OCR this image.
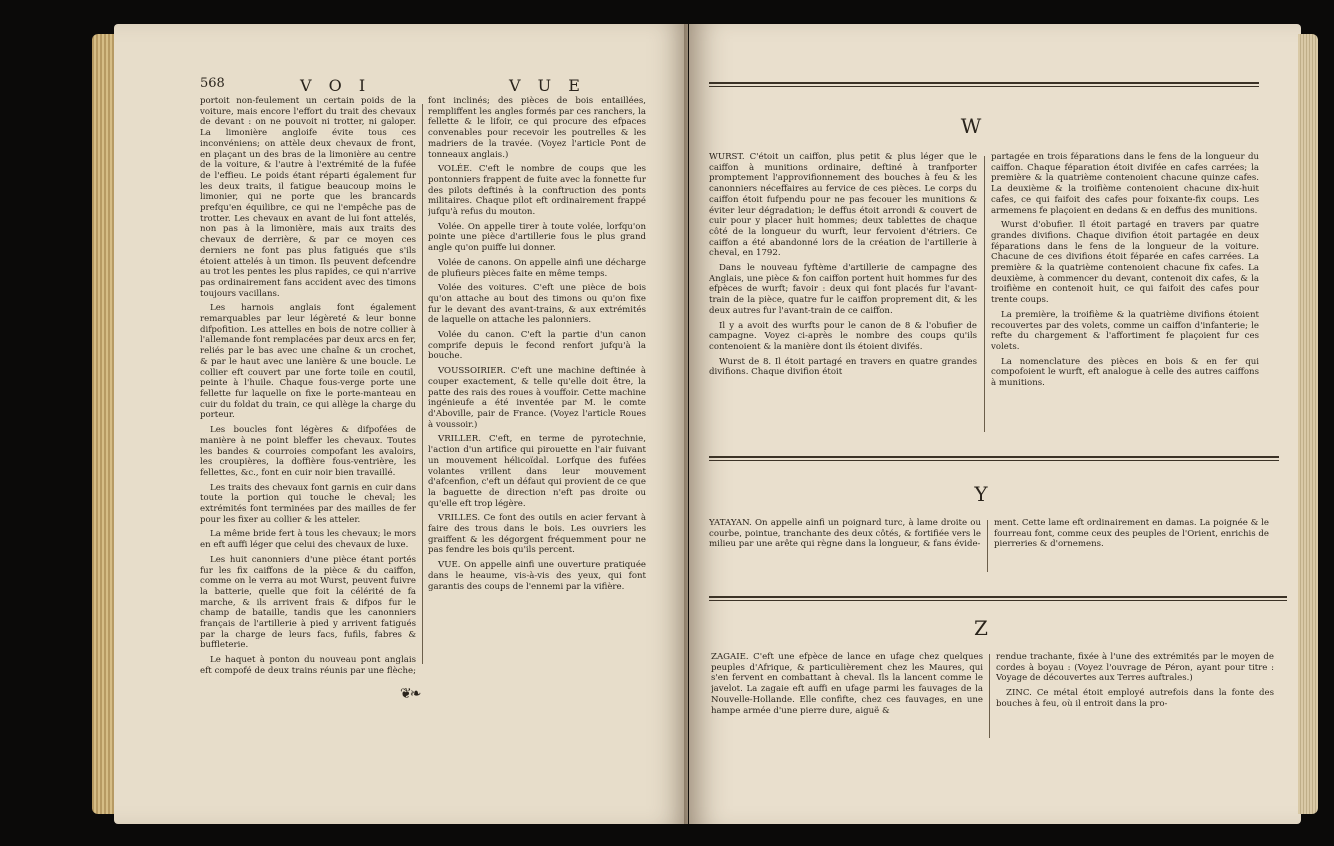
568	V O I	V U E

portoit non-feulement un certain poids de la voiture, mais encore l'effort du trait des chevaux de devant : on ne pouvoit ni trotter, ni galoper. La limonière angloife évite tous ces inconvéniens; on attèle deux chevaux de front, en plaçant un des bras de la limonière au centre de la voiture, & l'autre à l'extrémité de la fufée de l'effieu. Le poids étant réparti également fur les deux traits, il fatigue beaucoup moins le limonier, qui ne porte que les brancards prefqu'en équilibre, ce qui ne l'empêche pas de trotter. Les chevaux en avant de lui font attelés, non pas à la limonière, mais aux traits des chevaux de derrière, & par ce moyen ces derniers ne font pas plus fatigués que s'ils étoient attelés à un timon. Ils peuvent defcendre au trot les pentes les plus rapides, ce qui n'arrive pas ordinairement fans accident avec des timons toujours vacillans.

Les harnois anglais font également remarquables par leur légèreté & leur bonne difpofition. Les attelles en bois de notre collier à l'allemande font remplacées par deux arcs en fer, reliés par le bas avec une chaîne & un crochet, & par le haut avec une lanière & une boucle. Le collier eft couvert par une forte toile en coutil, peinte à l'huile. Chaque fous-verge porte une fellette fur laquelle on fixe le porte-manteau en cuir du foldat du train, ce qui allège la charge du porteur.

Les boucles font légères & difpofées de manière à ne point bleffer les chevaux. Toutes les bandes & courroies compofant les avaloirs, les croupières, la doffière fous-ventrière, les fellettes, &c., font en cuir noir bien travaillé.

Les traits des chevaux font garnis en cuir dans toute la portion qui touche le cheval; les extrémités font terminées par des mailles de fer pour les fixer au collier & les atteler.

La même bride fert à tous les chevaux; le mors en eft auffi léger que celui des chevaux de luxe.

Les huit canonniers d'une pièce étant portés fur les fix caiffons de la pièce & du caiffon, comme on le verra au mot Wurst, peuvent fuivre la batterie, quelle que foit la célérité de fa marche, & ils arrivent frais & difpos fur le champ de bataille, tandis que les canonniers français de l'artillerie à pied y arrivent fatigués par la charge de leurs facs, fufils, fabres & buffleterie.

Le haquet à ponton du nouveau pont anglais eft compofé de deux trains réunis par une flèche;

font inclinés; des pièces de bois entaillées, rempliffent les angles formés par ces ranchers, la fellette & le lifoir, ce qui procure des efpaces convenables pour recevoir les poutrelles & les madriers de la travée. (Voyez l'article Pont de tonneaux anglais.)

VOLÉE. C'eft le nombre de coups que les pontonniers frappent de fuite avec la fonnette fur des pilots deftinés à la conftruction des ponts militaires. Chaque pilot eft ordinairement frappé jufqu'à refus du mouton.

Volée. On appelle tirer à toute volée, lorfqu'on pointe une pièce d'artillerie fous le plus grand angle qu'on puiffe lui donner.

Volée de canons. On appelle ainfi une décharge de plufieurs pièces faite en même temps.

Volée des voitures. C'eft une pièce de bois qu'on attache au bout des timons ou qu'on fixe fur le devant des avant-trains, & aux extrémités de laquelle on attache les palonniers.

Volée du canon. C'eft la partie d'un canon comprife depuis le fecond renfort jufqu'à la bouche.

VOUSSOIRIER. C'eft une machine deftinée à couper exactement, & telle qu'elle doit être, la patte des rais des roues à vouffoir. Cette machine ingénieufe a été inventée par M. le comte d'Aboville, pair de France. (Voyez l'article Roues à voussoir.)

VRILLER. C'eft, en terme de pyrotechnie, l'action d'un artifice qui pirouette en l'air fuivant un mouvement hélicoïdal. Lorfque des fufées volantes vrillent dans leur mouvement d'afcenfion, c'eft un défaut qui provient de ce que la baguette de direction n'eft pas droite ou qu'elle eft trop légère.

VRILLES. Ce font des outils en acier fervant à faire des trous dans le bois. Les ouvriers les graiffent & les dégorgent fréquemment pour ne pas fendre les bois qu'ils percent.

VUE. On appelle ainfi une ouverture pratiquée dans le heaume, vis-à-vis des yeux, qui font garantis des coups de l'ennemi par la vifière.

❦❧
W

WURST. C'étoit un caiffon, plus petit & plus léger que le caiffon à munitions ordinaire, deftiné à tranfporter promptement l'approvifionnement des bouches à feu & les canonniers néceffaires au fervice de ces pièces. Le corps du caiffon étoit fufpendu pour ne pas fecouer les munitions & éviter leur dégradation; le deffus étoit arrondi & couvert de cuir pour y placer huit hommes; deux tablettes de chaque côté de la longueur du wurft, leur fervoient d'étriers. Ce caiffon a été abandonné lors de la création de l'artillerie à cheval, en 1792.

Dans le nouveau fyftème d'artillerie de campagne des Anglais, une pièce & fon caiffon portent huit hommes fur des efpèces de wurft; favoir : deux qui font placés fur l'avant-train de la pièce, quatre fur le caiffon proprement dit, & les deux autres fur l'avant-train de ce caiffon.

Il y a avoit des wurfts pour le canon de 8 & l'obufier de campagne. Voyez ci-après le nombre des coups qu'ils contenoient & la manière dont ils étoient divifés.

Wurst de 8. Il étoit partagé en travers en quatre grandes divifions. Chaque divifion étoit

partagée en trois féparations dans le fens de la longueur du caiffon. Chaque féparation étoit divifée en cafes carrées; la première & la quatrième contenoient chacune quinze cafes. La deuxième & la troifième contenoient chacune dix-huit cafes, ce qui faifoit des cafes pour foixante-fix coups. Les armemens fe plaçoient en dedans & en deffus des munitions.

Wurst d'obufier. Il étoit partagé en travers par quatre grandes divifions. Chaque divifion étoit partagée en deux féparations dans le fens de la longueur de la voiture. Chacune de ces divifions étoit féparée en cafes carrées. La première & la quatrième contenoient chacune fix cafes. La deuxième, à commencer du devant, contenoit dix cafes, & la troifième en contenoit huit, ce qui faifoit des cafes pour trente coups.

La première, la troifième & la quatrième divifions étoient recouvertes par des volets, comme un caiffon d'infanterie; le refte du chargement & l'affortiment fe plaçoient fur ces volets.

La nomenclature des pièces en bois & en fer qui compofoient le wurft, eft analogue à celle des autres caiffons à munitions.

Y

YATAYAN. On appelle ainfi un poignard turc, à lame droite ou courbe, pointue, tranchante des deux côtés, & fortifiée vers le milieu par une arête qui règne dans la longueur, & fans évide-

ment. Cette lame eft ordinairement en damas. La poignée & le fourreau font, comme ceux des peuples de l'Orient, enrichis de pierreries & d'ornemens.

Z

ZAGAIE. C'eft une efpèce de lance en ufage chez quelques peuples d'Afrique, & particulièrement chez les Maures, qui s'en fervent en combattant à cheval. Ils la lancent comme le javelot. La zagaie eft auffi en ufage parmi les fauvages de la Nouvelle-Hollande. Elle confifte, chez ces fauvages, en une hampe armée d'une pierre dure, aiguë &

rendue trachante, fixée à l'une des extrémités par le moyen de cordes à boyau : (Voyez l'ouvrage de Péron, ayant pour titre : Voyage de découvertes aux Terres auftrales.)

ZINC. Ce métal étoit employé autrefois dans la fonte des bouches à feu, où il entroit dans la pro-
